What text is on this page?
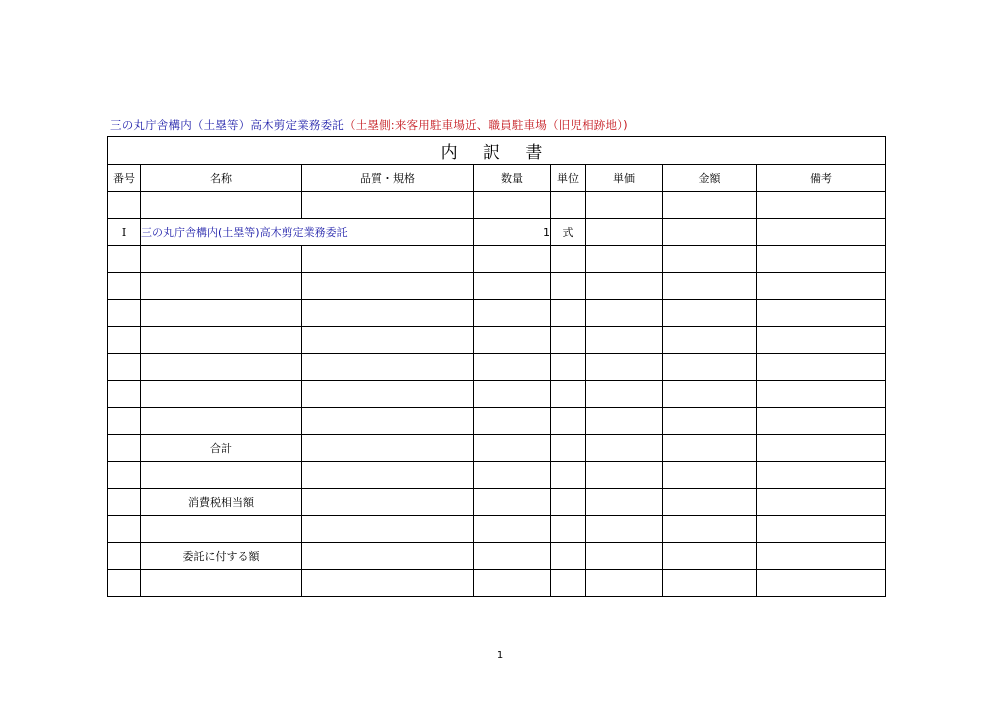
三の丸庁舎構内（土塁等）高木剪定業務委託（土塁側:来客用駐車場近、職員駐車場（旧児相跡地）)
内 訳 書							
番号	名称	品質・規格	数量	単位	単価	金額	備考

I	三の丸庁舎構内(土塁等)高木剪定業務委託		1	式			

	合計						

	消費税相当額						

	委託に付する額						

1
